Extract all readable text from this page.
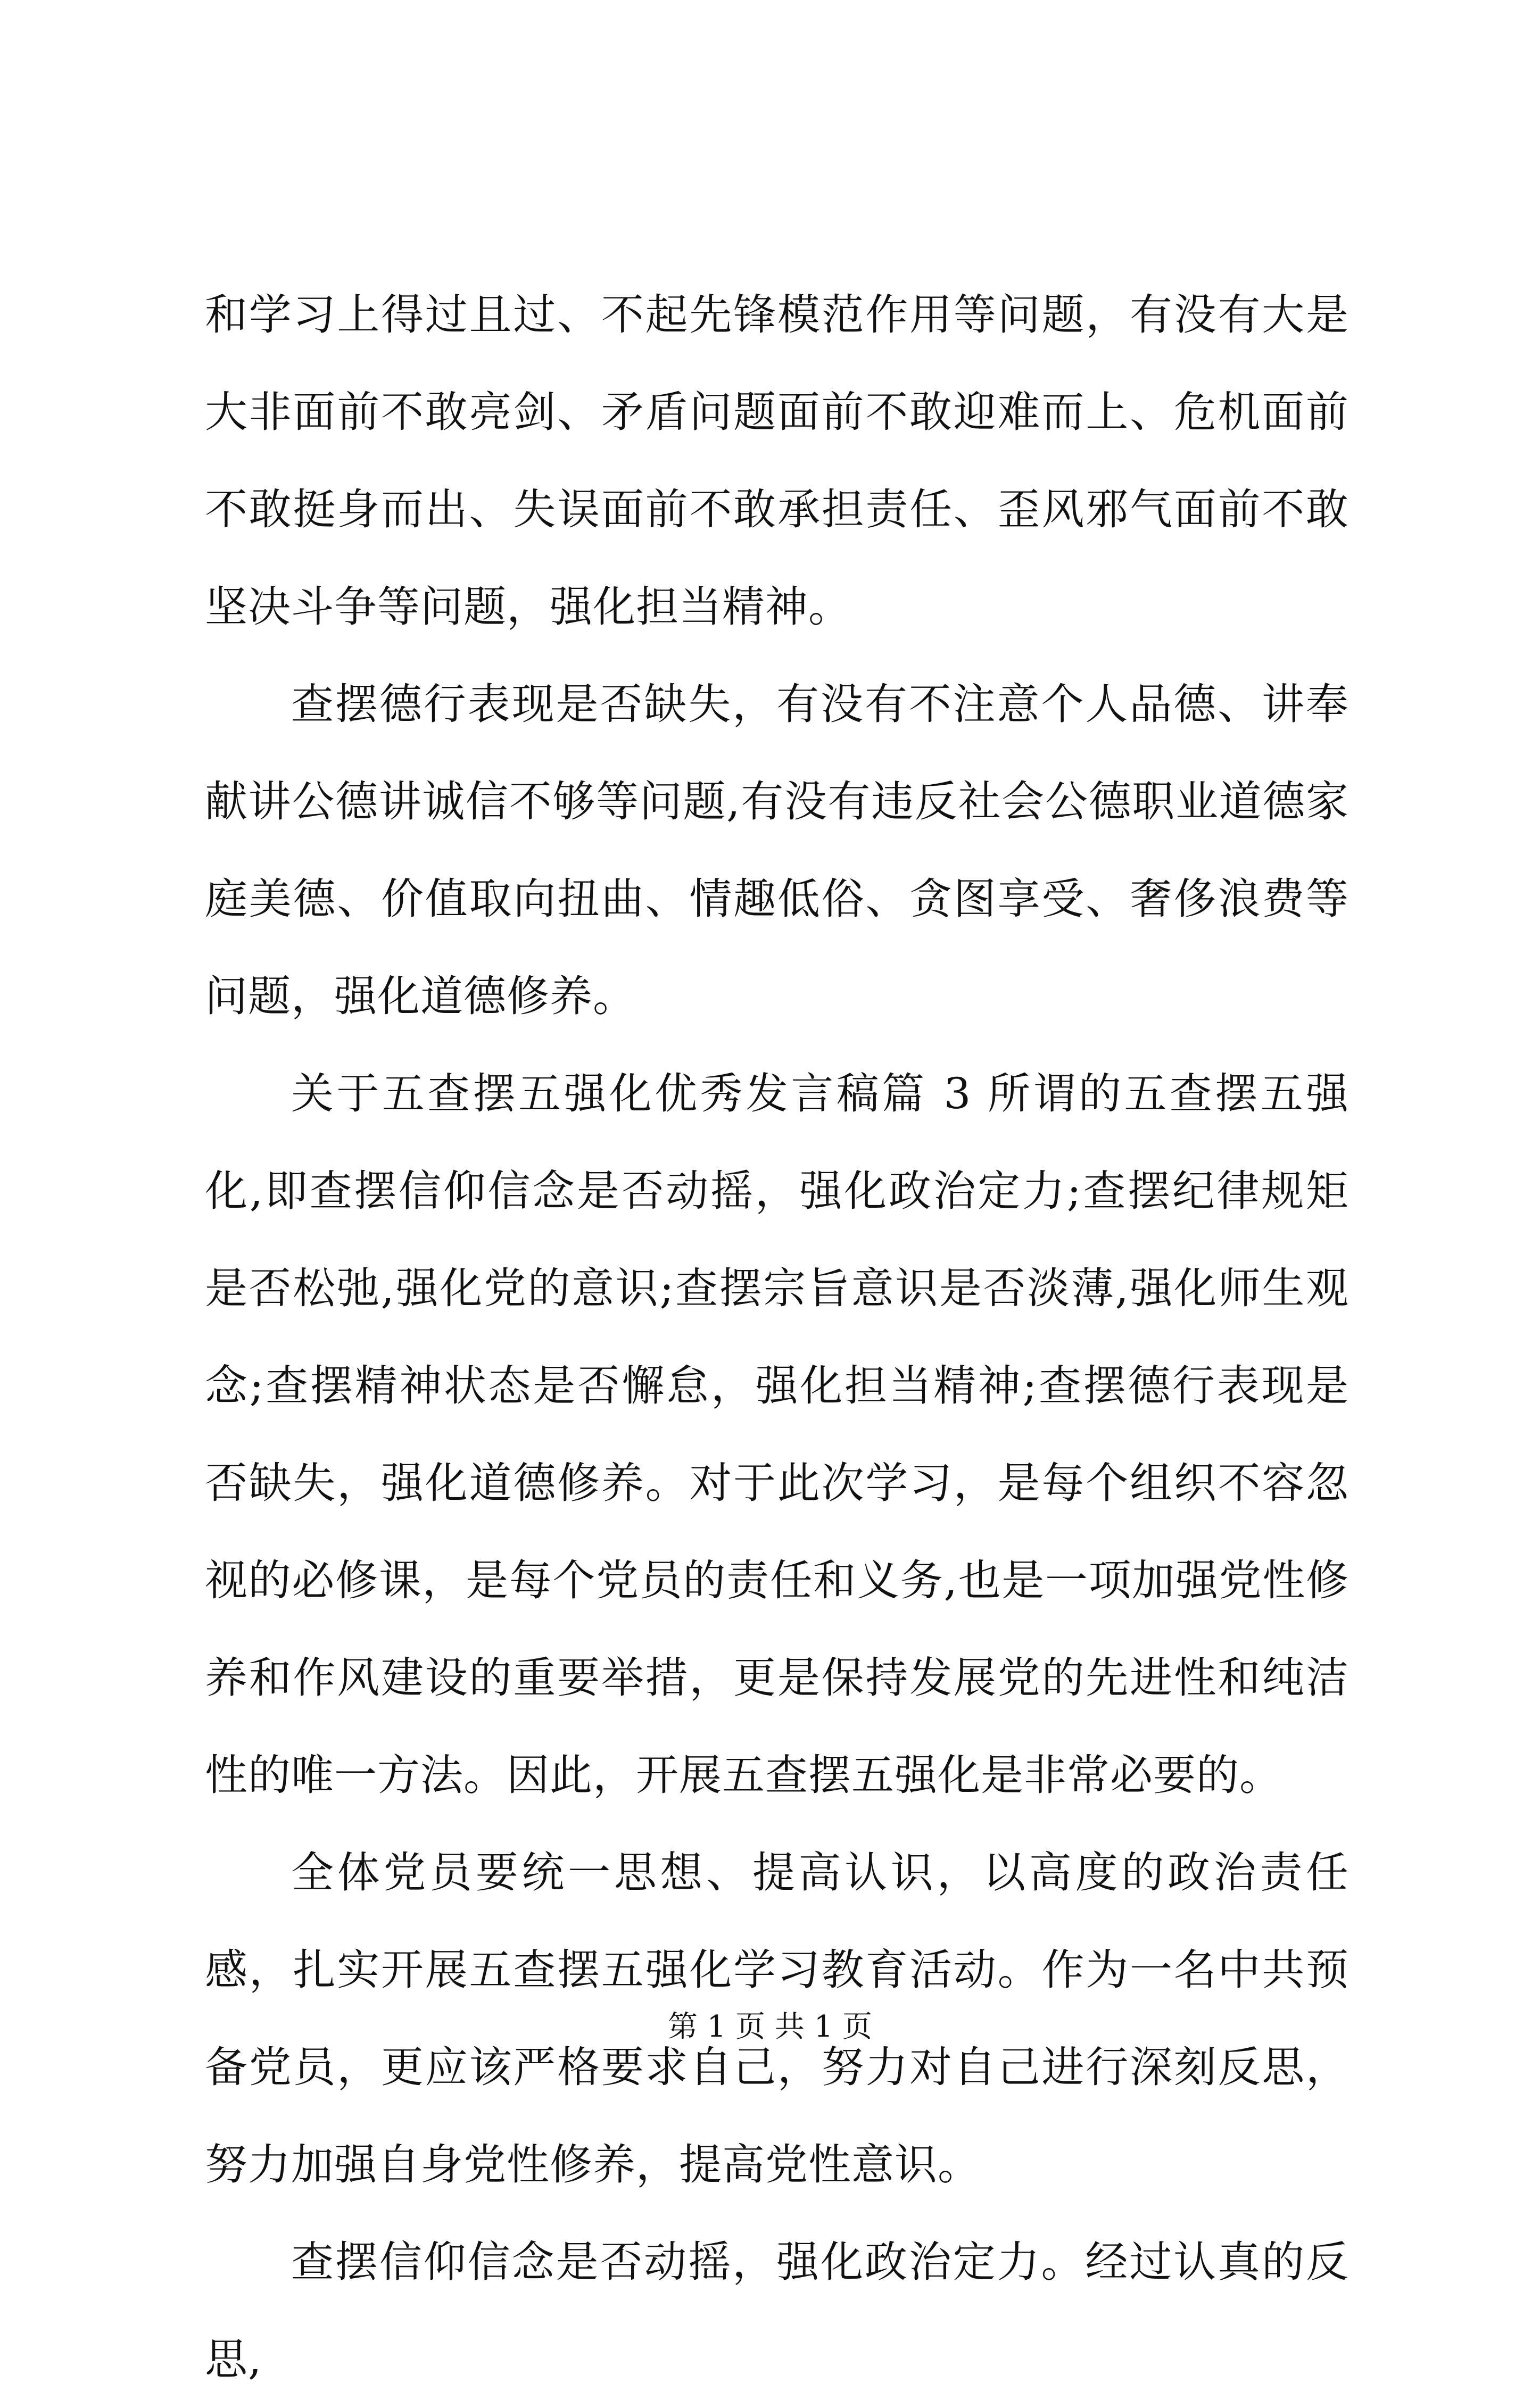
和学习上得过且过、不起先锋模范作用等问题，有没有大是大非面前不敢亮剑、矛盾问题面前不敢迎难而上、危机面前不敢挺身而出、失误面前不敢承担责任、歪风邪气面前不敢坚决斗争等问题，强化担当精神。

查摆德行表现是否缺失，有没有不注意个人品德、讲奉献讲公德讲诚信不够等问题,有没有违反社会公德职业道德家庭美德、价值取向扭曲、情趣低俗、贪图享受、奢侈浪费等问题，强化道德修养。

关于五查摆五强化优秀发言稿篇 3 所谓的五查摆五强化,即查摆信仰信念是否动摇，强化政治定力;查摆纪律规矩是否松弛,强化党的意识;查摆宗旨意识是否淡薄,强化师生观念;查摆精神状态是否懈怠，强化担当精神;查摆德行表现是否缺失，强化道德修养。对于此次学习，是每个组织不容忽视的必修课，是每个党员的责任和义务,也是一项加强党性修养和作风建设的重要举措，更是保持发展党的先进性和纯洁性的唯一方法。因此，开展五查摆五强化是非常必要的。

全体党员要统一思想、提高认识，以高度的政治责任感，扎实开展五查摆五强化学习教育活动。作为一名中共预备党员，更应该严格要求自己，努力对自己进行深刻反思，努力加强自身党性修养，提高党性意识。

查摆信仰信念是否动摇，强化政治定力。经过认真的反思,

第 1 页 共 1 页
